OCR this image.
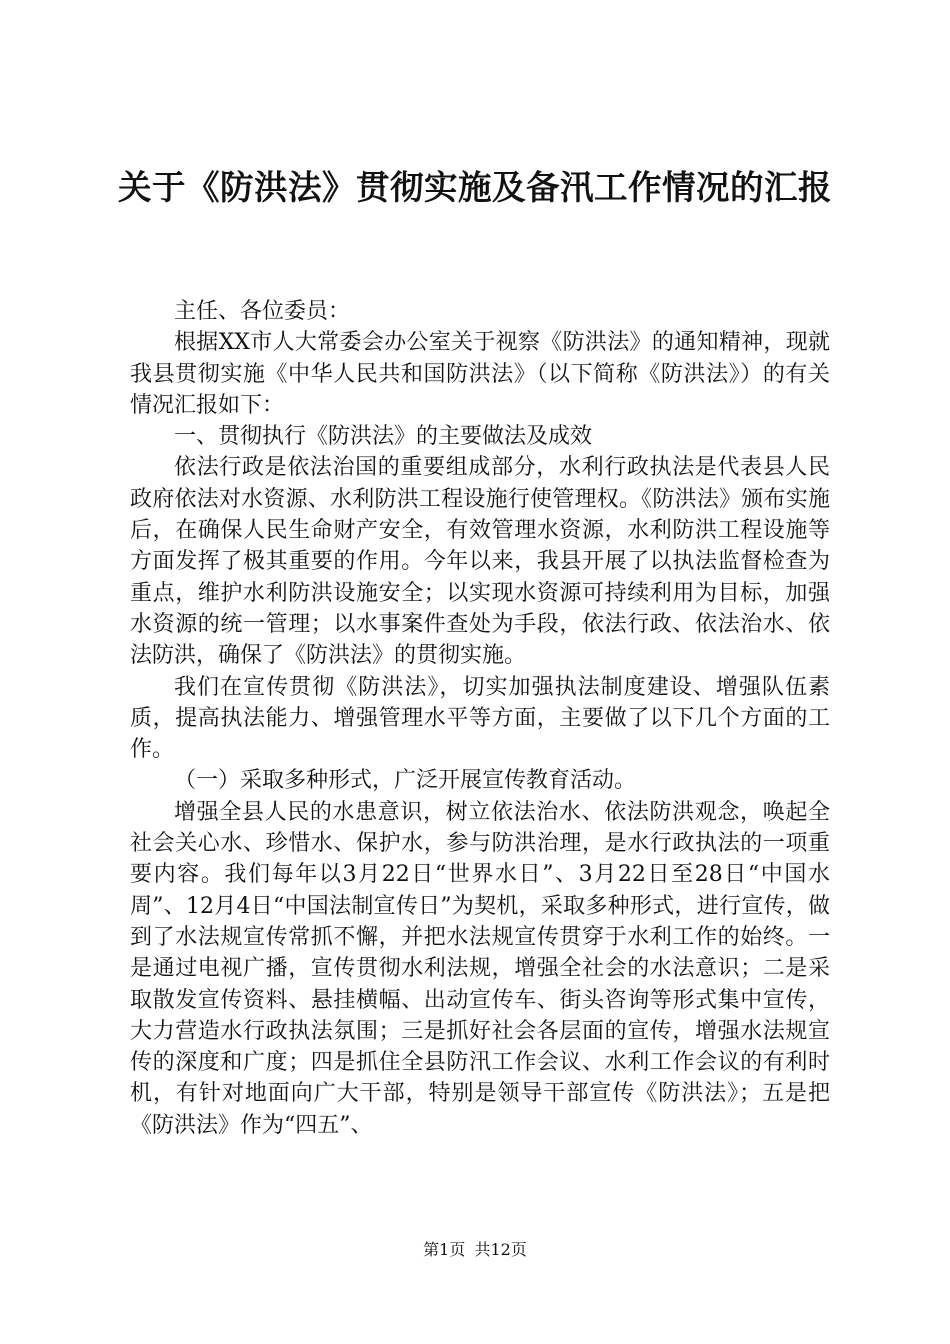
关于《防洪法》贯彻实施及备汛工作情况的汇报

主任、各位委员：

根据XX市人大常委会办公室关于视察《防洪法》的通知精神，现就我县贯彻实施《中华人民共和国防洪法》（以下简称《防洪法》）的有关情况汇报如下：

一、贯彻执行《防洪法》的主要做法及成效

依法行政是依法治国的重要组成部分，水利行政执法是代表县人民政府依法对水资源、水利防洪工程设施行使管理权。《防洪法》颁布实施后，在确保人民生命财产安全，有效管理水资源，水利防洪工程设施等方面发挥了极其重要的作用。今年以来，我县开展了以执法监督检查为重点，维护水利防洪设施安全；以实现水资源可持续利用为目标，加强水资源的统一管理；以水事案件查处为手段，依法行政、依法治水、依法防洪，确保了《防洪法》的贯彻实施。

我们在宣传贯彻《防洪法》，切实加强执法制度建设、增强队伍素质，提高执法能力、增强管理水平等方面，主要做了以下几个方面的工作。

（一）采取多种形式，广泛开展宣传教育活动。

增强全县人民的水患意识，树立依法治水、依法防洪观念，唤起全社会关心水、珍惜水、保护水，参与防洪治理，是水行政执法的一项重要内容。我们每年以3月22日“世界水日”、3月22日至28日“中国水周”、12月4日“中国法制宣传日”为契机，采取多种形式，进行宣传，做到了水法规宣传常抓不懈，并把水法规宣传贯穿于水利工作的始终。一是通过电视广播，宣传贯彻水利法规，增强全社会的水法意识；二是采取散发宣传资料、悬挂横幅、出动宣传车、街头咨询等形式集中宣传，大力营造水行政执法氛围；三是抓好社会各层面的宣传，增强水法规宣传的深度和广度；四是抓住全县防汛工作会议、水利工作会议的有利时机，有针对地面向广大干部，特别是领导干部宣传《防洪法》；五是把《防洪法》作为“四五”、

第1页 共12页
